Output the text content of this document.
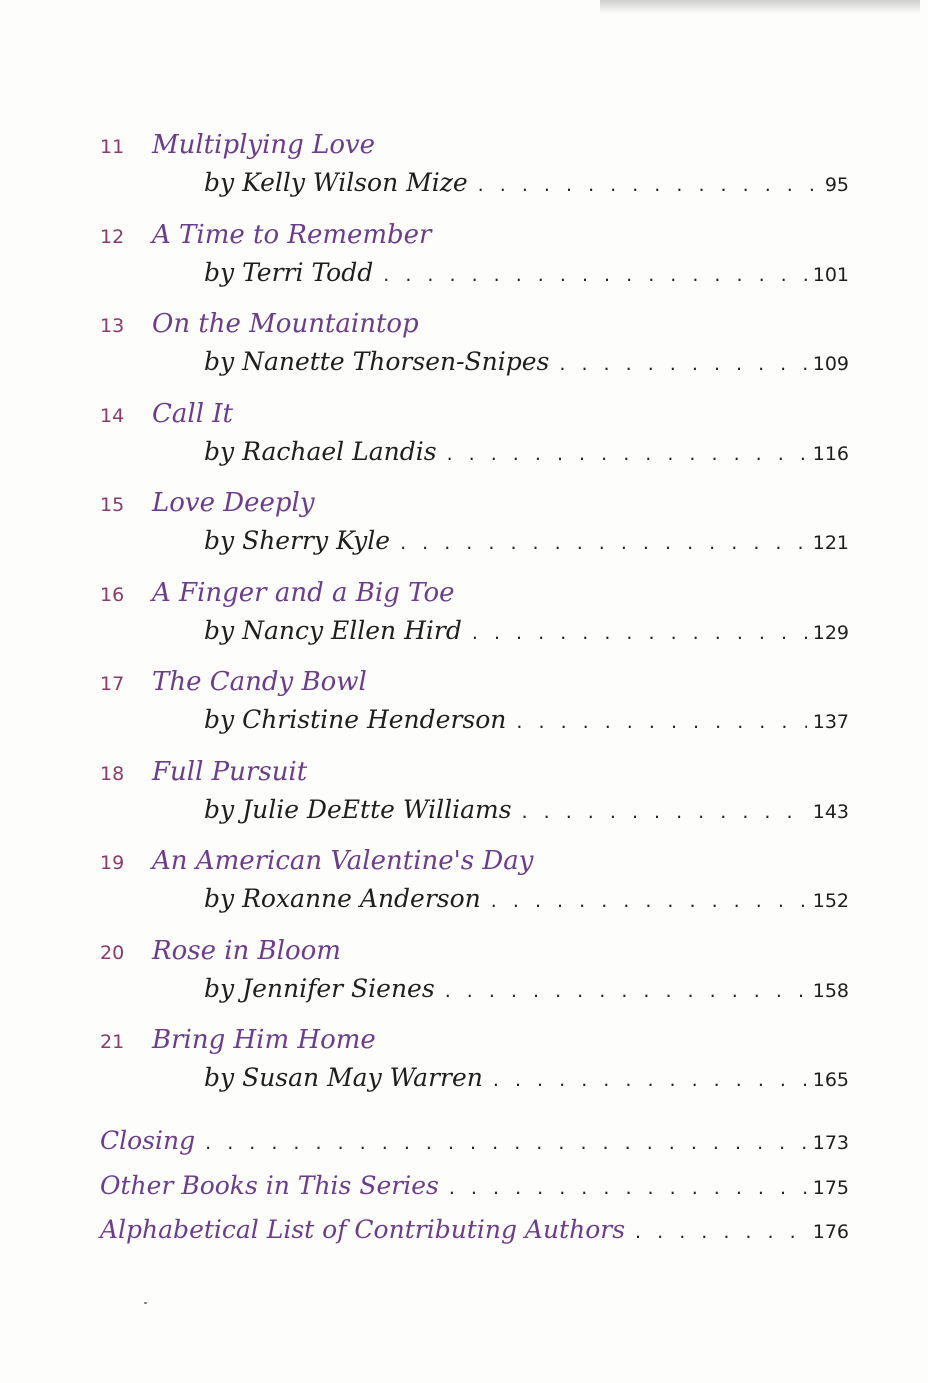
11 Multiplying Love
by Kelly Wilson Mize . . .	95
12 A Time to Remember
by Terri Todd . . .	101
13 On the Mountaintop
by Nanette Thorsen-Snipes . . .	109
14 Call It
by Rachael Landis . . .	116
15 Love Deeply
by Sherry Kyle . . .	121
16 A Finger and a Big Toe
by Nancy Ellen Hird . . .	129
17 The Candy Bowl
by Christine Henderson . . .	137
18 Full Pursuit
by Julie DeEtte Williams . . .	143
19 An American Valentine's Day
by Roxanne Anderson . . .	152
20 Rose in Bloom
by Jennifer Sienes . . .	158
21 Bring Him Home
by Susan May Warren . . .	165
Closing . . .	173
Other Books in This Series . . .	175
Alphabetical List of Contributing Authors . . .	176
